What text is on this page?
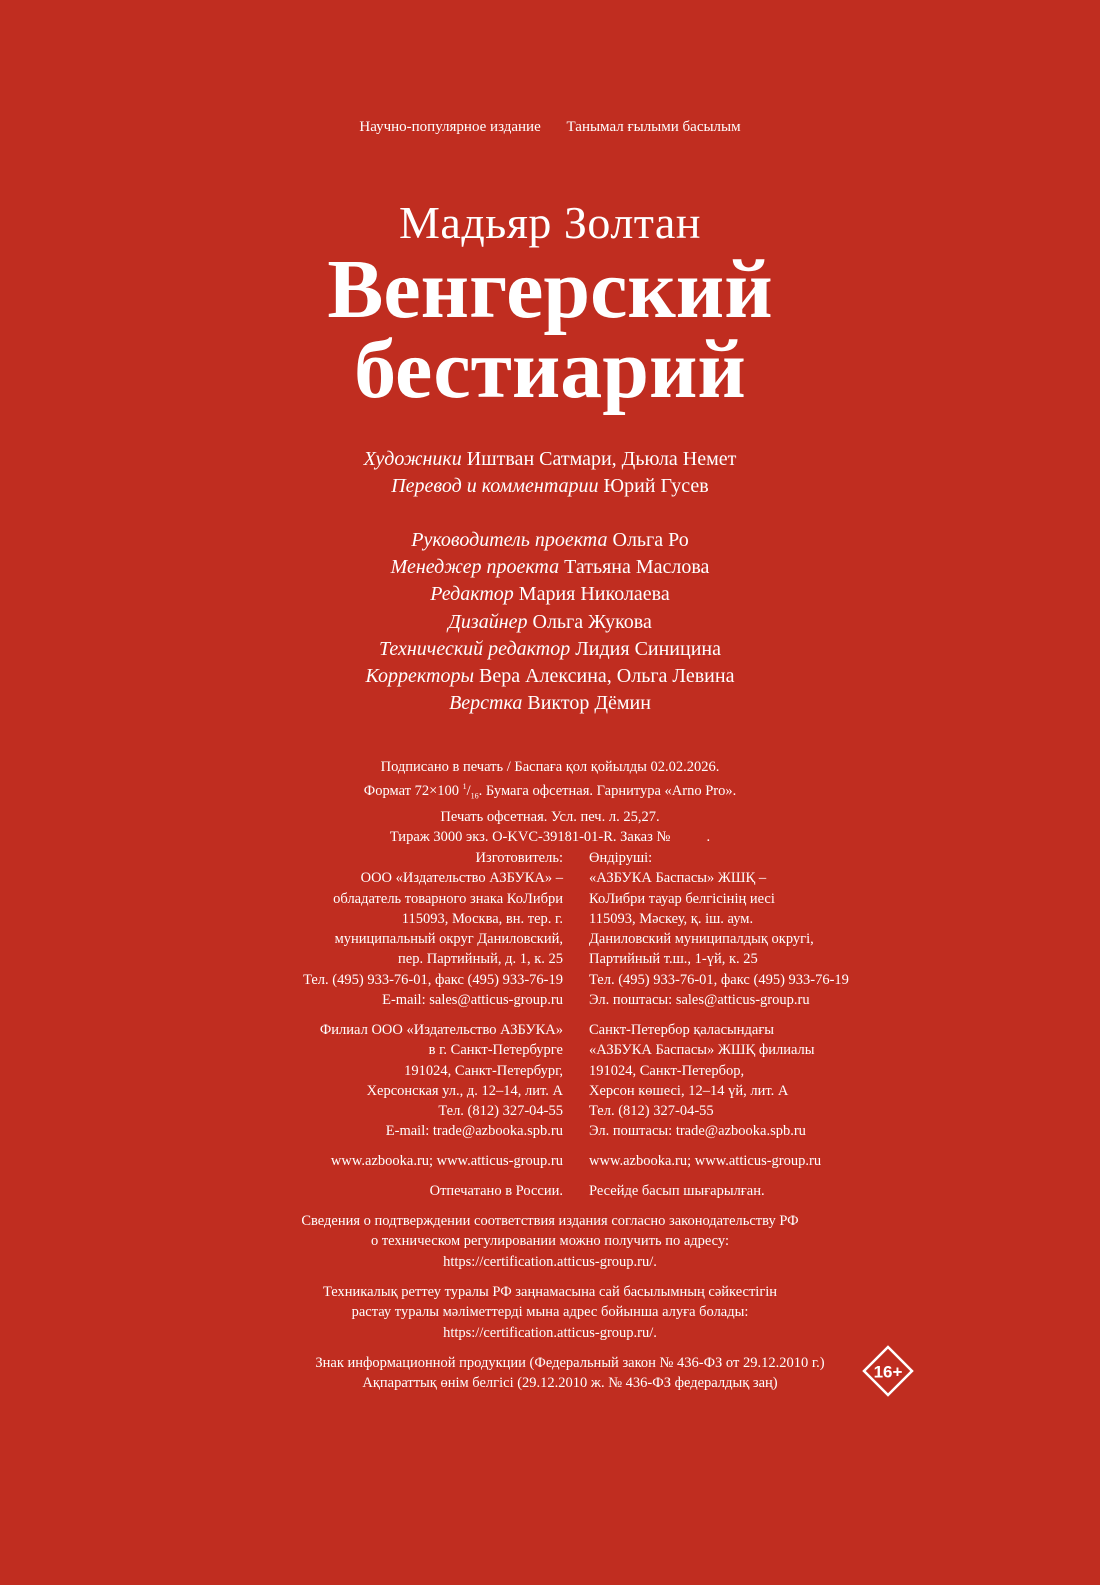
Научно-популярное издание Танымал ғылыми басылым
Мадьяр Золтан
Венгерский
бестиарий
Художники Иштван Сатмари, Дьюла Немет
Перевод и комментарии Юрий Гусев
Руководитель проекта Ольга Ро
Менеджер проекта Татьяна Маслова
Редактор Мария Николаева
Дизайнер Ольга Жукова
Технический редактор Лидия Синицина
Корректоры Вера Алексина, Ольга Левина
Верстка Виктор Дёмин
Подписано в печать / Баспаға қол қойылды 02.02.2026.
Формат 72×100 $^1/_{16}$. Бумага офсетная. Гарнитура «Arno Pro».
Печать офсетная. Усл. печ. л. 25,27.
Тираж 3000 экз. O-KVC-39181-01-R. Заказ №          .
Изготовитель:
ООО «Издательство АЗБУКА» –
обладатель товарного знака КоЛибри
115093, Москва, вн. тер. г.
муниципальный округ Даниловский,
пер. Партийный, д. 1, к. 25
Тел. (495) 933-76-01, факс (495) 933-76-19
E-mail: sales@atticus-group.ru
Өндіруші:
«АЗБУКА Баспасы» ЖШҚ –
КоЛибри тауар белгісінің иесі
115093, Мәскеу, қ. іш. аум.
Даниловский муниципалдық округі,
Партийный т.ш., 1-үй, к. 25
Тел. (495) 933-76-01, факс (495) 933-76-19
Эл. поштасы: sales@atticus-group.ru
Филиал ООО «Издательство АЗБУКА»
в г. Санкт-Петербурге
191024, Санкт-Петербург,
Херсонская ул., д. 12–14, лит. А
Тел. (812) 327-04-55
E-mail: trade@azbooka.spb.ru
Санкт-Петербор қаласындағы
«АЗБУКА Баспасы» ЖШҚ филиалы
191024, Санкт-Петербор,
Херсон көшесі, 12–14 үй, лит. А
Тел. (812) 327-04-55
Эл. поштасы: trade@azbooka.spb.ru
www.azbooka.ru; www.atticus-group.ru www.azbooka.ru; www.atticus-group.ru
Отпечатано в России. Ресейде басып шығарылған.
Сведения о подтверждении соответствия издания согласно законодательству РФ
о техническом регулировании можно получить по адресу:
https://certification.atticus-group.ru/.
Техникалық реттеу туралы РФ заңнамасына сай басылымның сәйкестігін
растау туралы мәліметтерді мына адрес бойынша алуға болады:
https://certification.atticus-group.ru/.
Знак информационной продукции (Федеральный закон № 436-ФЗ от 29.12.2010 г.)
Ақпараттық өнім белгісі (29.12.2010 ж. № 436-ФЗ федералдық заң)
16+
